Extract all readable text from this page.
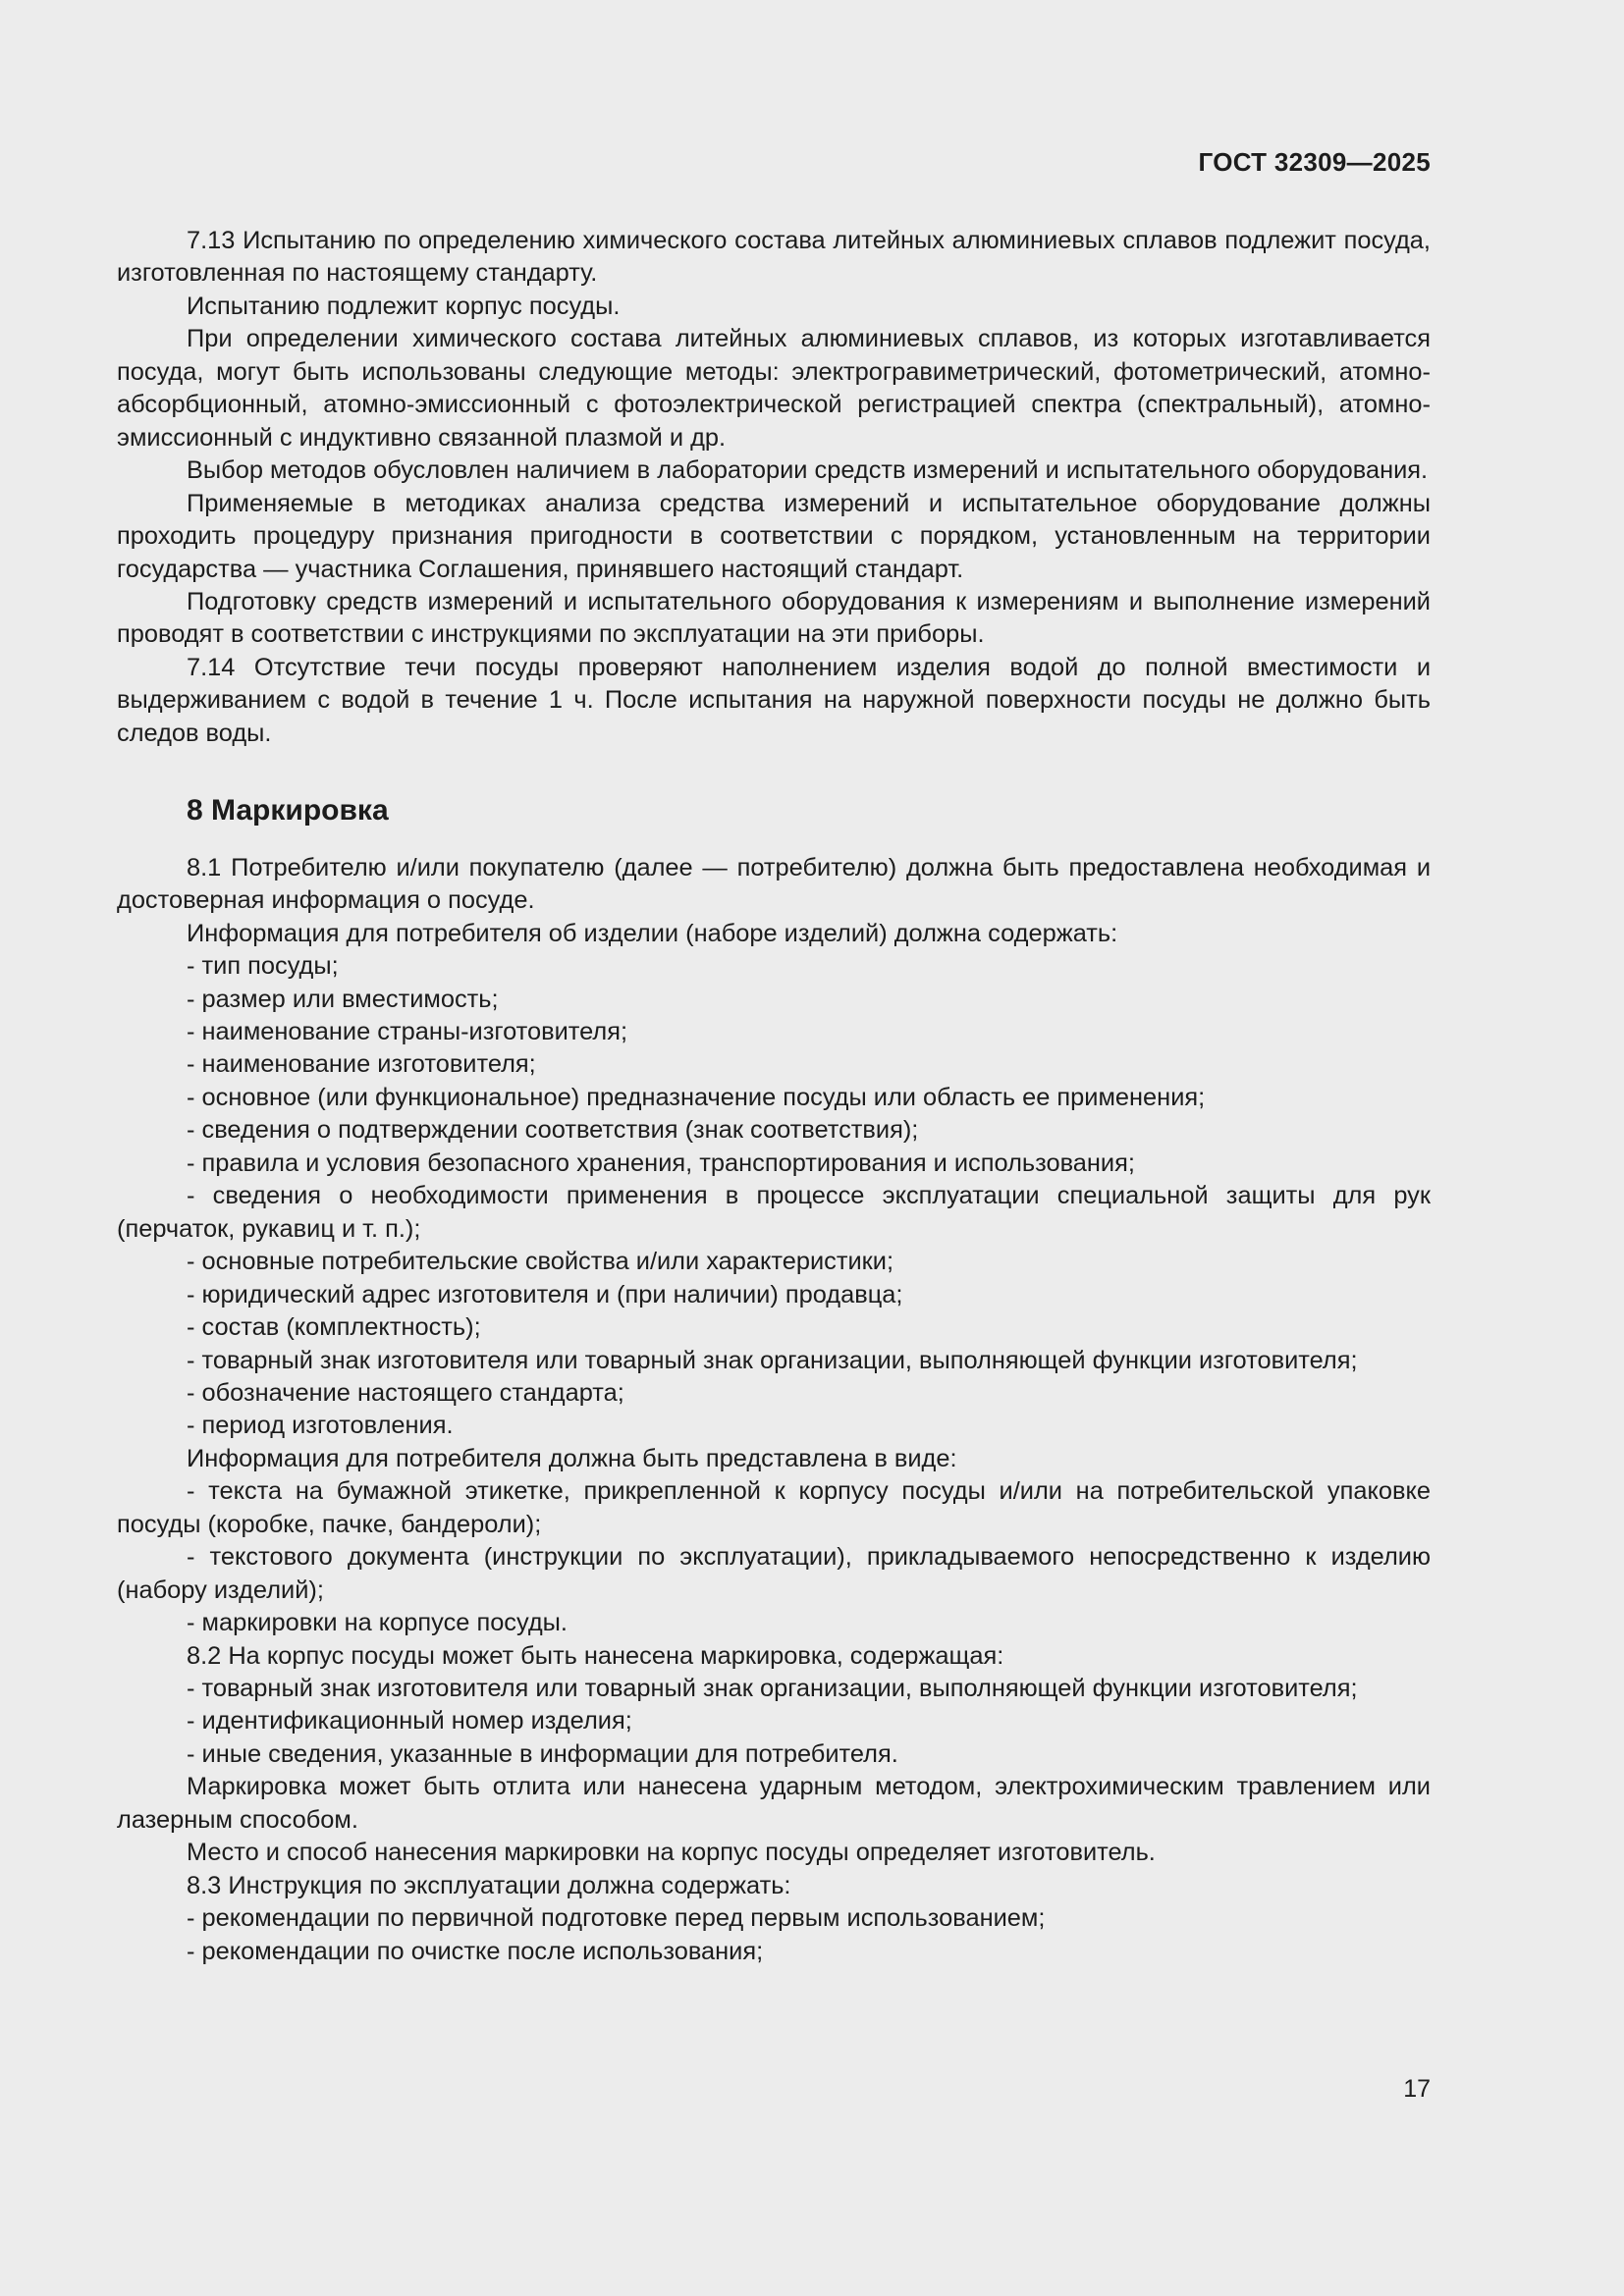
ГОСТ 32309—2025

7.13 Испытанию по определению химического состава литейных алюминиевых сплавов подлежит посуда, изготовленная по настоящему стандарту.

Испытанию подлежит корпус посуды.

При определении химического состава литейных алюминиевых сплавов, из которых изготавливается посуда, могут быть использованы следующие методы: электрогравиметрический, фотометрический, атомно-абсорбционный, атомно-эмиссионный с фотоэлектрической регистрацией спектра (спектральный), атомно-эмиссионный с индуктивно связанной плазмой и др.

Выбор методов обусловлен наличием в лаборатории средств измерений и испытательного оборудования.

Применяемые в методиках анализа средства измерений и испытательное оборудование должны проходить процедуру признания пригодности в соответствии с порядком, установленным на территории государства — участника Соглашения, принявшего настоящий стандарт.

Подготовку средств измерений и испытательного оборудования к измерениям и выполнение измерений проводят в соответствии с инструкциями по эксплуатации на эти приборы.

7.14 Отсутствие течи посуды проверяют наполнением изделия водой до полной вместимости и выдерживанием с водой в течение 1 ч. После испытания на наружной поверхности посуды не должно быть следов воды.

8 Маркировка

8.1 Потребителю и/или покупателю (далее — потребителю) должна быть предоставлена необходимая и достоверная информация о посуде.

Информация для потребителя об изделии (наборе изделий) должна содержать:

- тип посуды;

- размер или вместимость;

- наименование страны-изготовителя;

- наименование изготовителя;

- основное (или функциональное) предназначение посуды или область ее применения;

- сведения о подтверждении соответствия (знак соответствия);

- правила и условия безопасного хранения, транспортирования и использования;

- сведения о необходимости применения в процессе эксплуатации специальной защиты для рук (перчаток, рукавиц и т. п.);

- основные потребительские свойства и/или характеристики;

- юридический адрес изготовителя и (при наличии) продавца;

- состав (комплектность);

- товарный знак изготовителя или товарный знак организации, выполняющей функции изготовителя;

- обозначение настоящего стандарта;

- период изготовления.

Информация для потребителя должна быть представлена в виде:

- текста на бумажной этикетке, прикрепленной к корпусу посуды и/или на потребительской упаковке посуды (коробке, пачке, бандероли);

- текстового документа (инструкции по эксплуатации), прикладываемого непосредственно к изделию (набору изделий);

- маркировки на корпусе посуды.

8.2 На корпус посуды может быть нанесена маркировка, содержащая:

- товарный знак изготовителя или товарный знак организации, выполняющей функции изготовителя;

- идентификационный номер изделия;

- иные сведения, указанные в информации для потребителя.

Маркировка может быть отлита или нанесена ударным методом, электрохимическим травлением или лазерным способом.

Место и способ нанесения маркировки на корпус посуды определяет изготовитель.

8.3 Инструкция по эксплуатации должна содержать:

- рекомендации по первичной подготовке перед первым использованием;

- рекомендации по очистке после использования;

17
